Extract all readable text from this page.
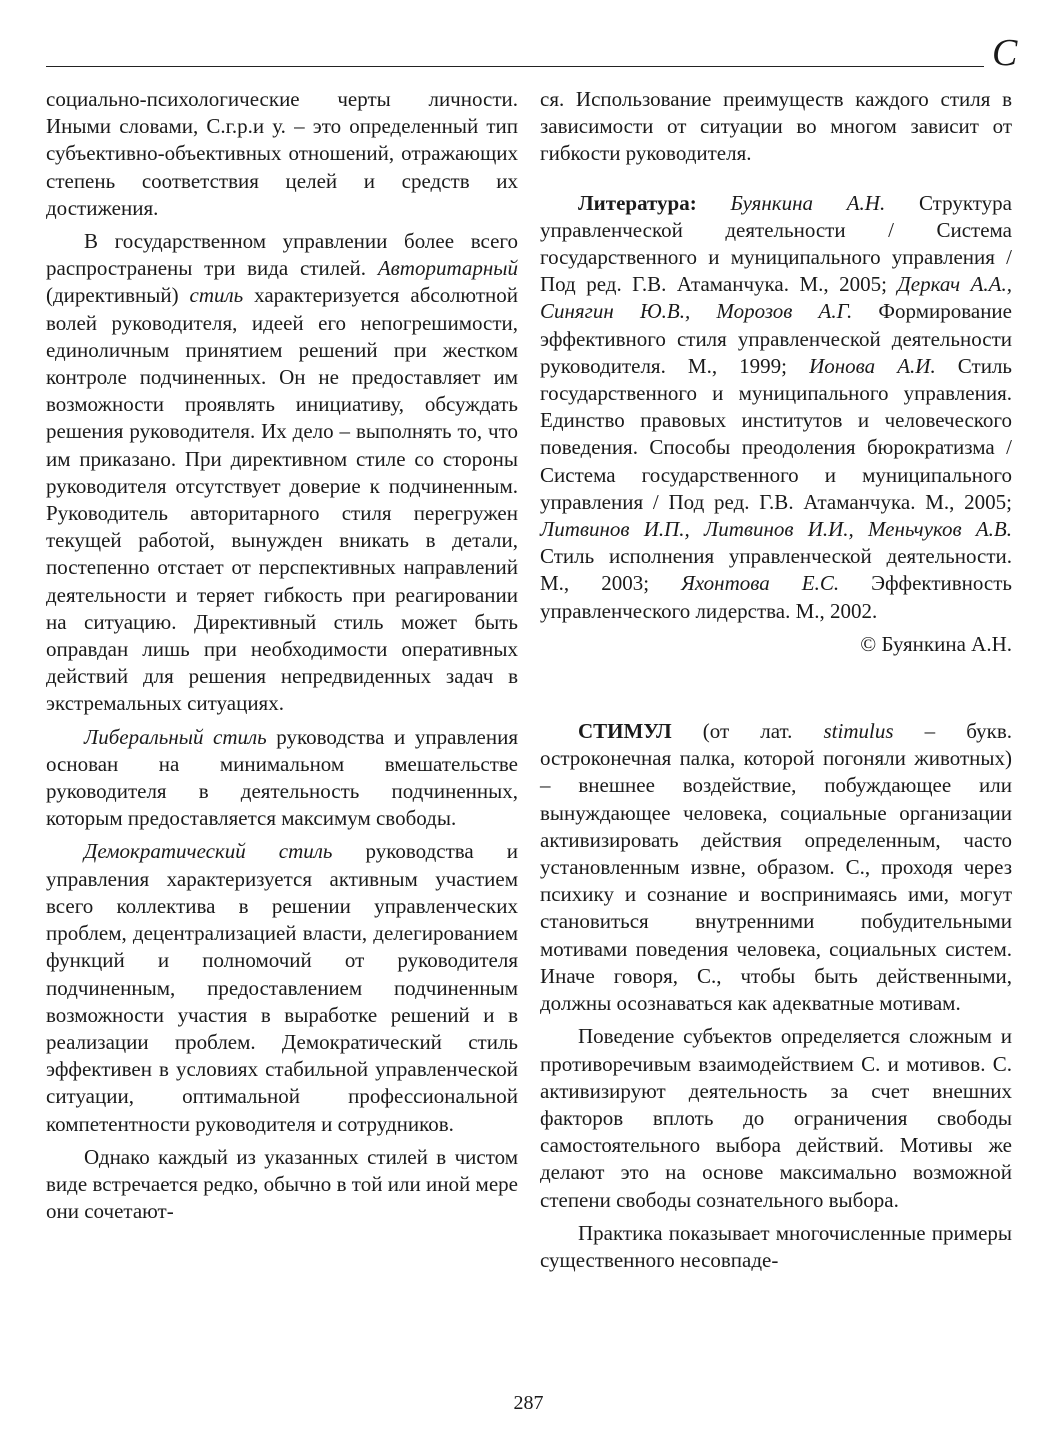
С

социально-психологические черты личности. Иными словами, С.г.р.и у. – это определенный тип субъективно-объективных отношений, отражающих степень соответствия целей и средств их достижения.

В государственном управлении более всего распространены три вида стилей. Авторитарный (директивный) стиль характеризуется абсолютной волей руководителя, идеей его непогрешимости, единоличным принятием решений при жестком контроле подчиненных. Он не предоставляет им возможности проявлять инициативу, обсуждать решения руководителя. Их дело – выполнять то, что им приказано. При директивном стиле со стороны руководителя отсутствует доверие к подчиненным. Руководитель авторитарного стиля перегружен текущей работой, вынужден вникать в детали, постепенно отстает от перспективных направлений деятельности и теряет гибкость при реагировании на ситуацию. Директивный стиль может быть оправдан лишь при необходимости оперативных действий для решения непредвиденных задач в экстремальных ситуациях.

Либеральный стиль руководства и управления основан на минимальном вмешательстве руководителя в деятельность подчиненных, которым предоставляется максимум свободы.

Демократический стиль руководства и управления характеризуется активным участием всего коллектива в решении управленческих проблем, децентрализацией власти, делегированием функций и полномочий от руководителя подчиненным, предоставлением подчиненным возможности участия в выработке решений и в реализации проблем. Демократический стиль эффективен в условиях стабильной управленческой ситуации, оптимальной профессиональной компетентности руководителя и сотрудников.

Однако каждый из указанных стилей в чистом виде встречается редко, обычно в той или иной мере они сочетают-

ся. Использование преимуществ каждого стиля в зависимости от ситуации во многом зависит от гибкости руководителя.

Литература: Буянкина А.Н. Структура управленческой деятельности / Система государственного и муниципального управления / Под ред. Г.В. Атаманчука. М., 2005; Деркач А.А., Синягин Ю.В., Морозов А.Г. Формирование эффективного стиля управленческой деятельности руководителя. М., 1999; Ионова А.И. Стиль государственного и муниципального управления. Единство правовых институтов и человеческого поведения. Способы преодоления бюрократизма / Система государственного и муниципального управления / Под ред. Г.В. Атаманчука. М., 2005; Литвинов И.П., Литвинов И.И., Меньчуков А.В. Стиль исполнения управленческой деятельности. М., 2003; Яхонтова Е.С. Эффективность управленческого лидерства. М., 2002.

© Буянкина А.Н.

СТИМУЛ (от лат. stimulus – букв. остроконечная палка, которой погоняли животных) – внешнее воздействие, побуждающее или вынуждающее человека, социальные организации активизировать действия определенным, часто установленным извне, образом. С., проходя через психику и сознание и воспринимаясь ими, могут становиться внутренними побудительными мотивами поведения человека, социальных систем. Иначе говоря, С., чтобы быть действенными, должны осознаваться как адекватные мотивам.

Поведение субъектов определяется сложным и противоречивым взаимодействием С. и мотивов. С. активизируют деятельность за счет внешних факторов вплоть до ограничения свободы самостоятельного выбора действий. Мотивы же делают это на основе максимально возможной степени свободы сознательного выбора.

Практика показывает многочисленные примеры существенного несовпаде-

287
